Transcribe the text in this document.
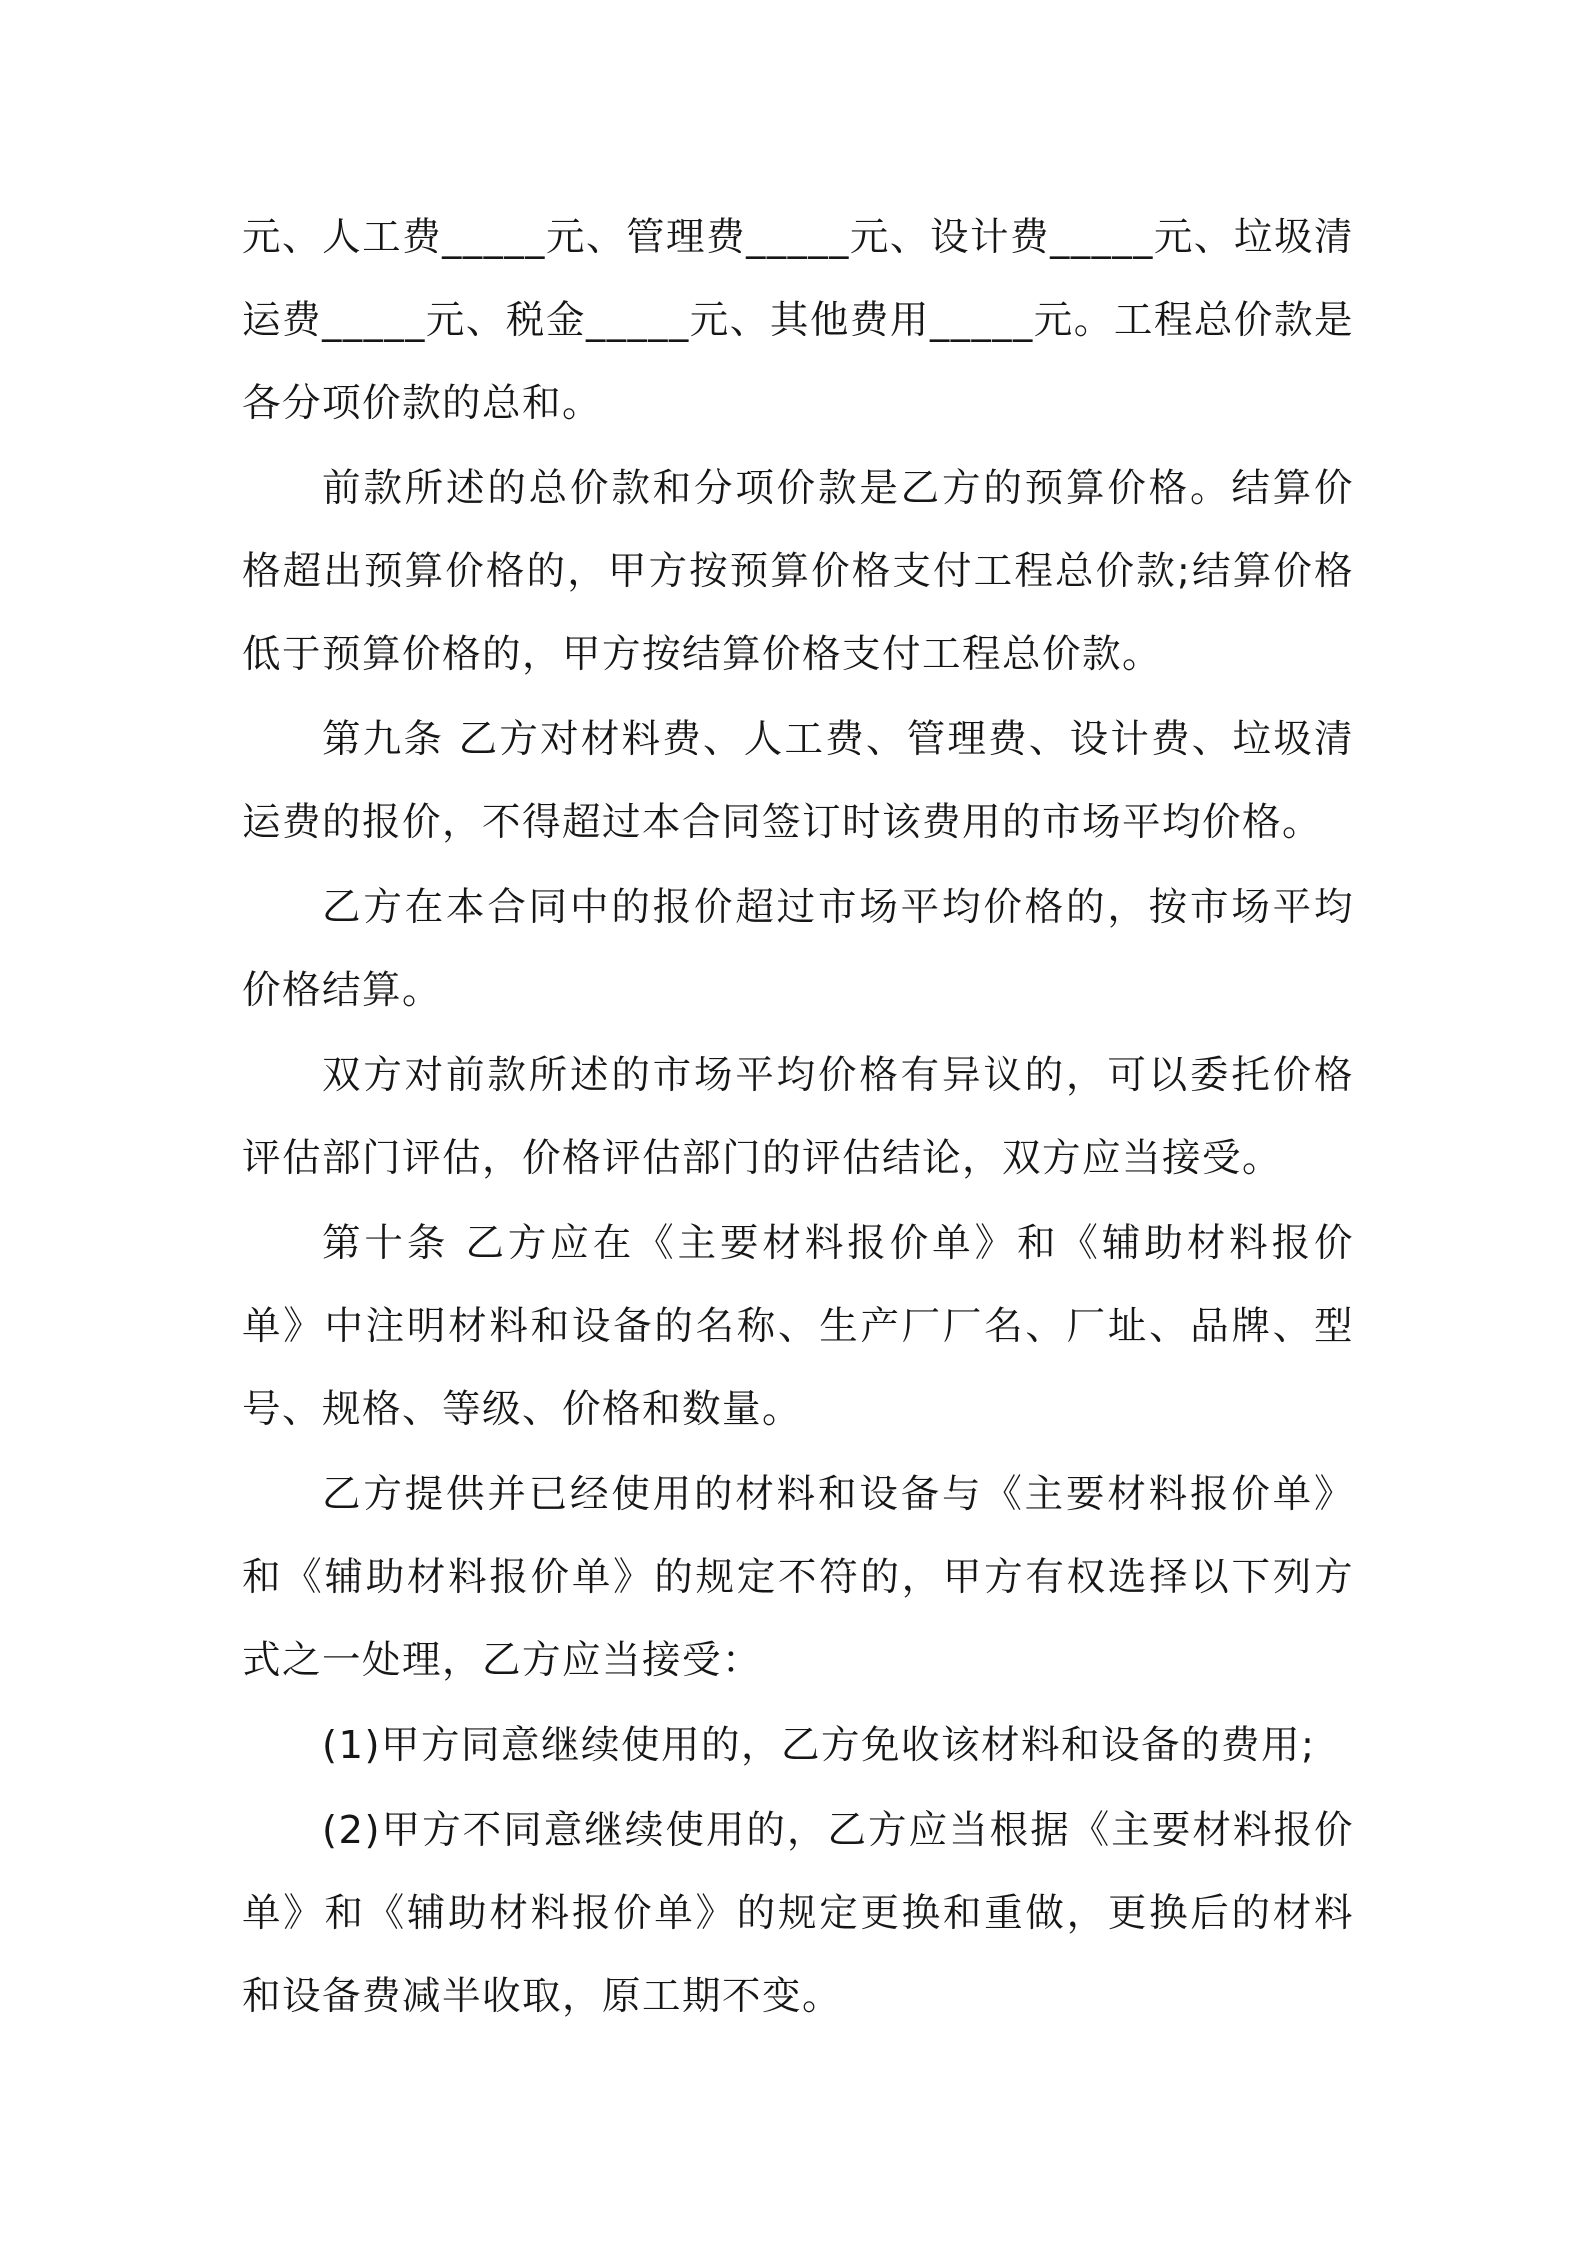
元、人工费_____元、管理费_____元、设计费_____元、垃圾清运费_____元、税金_____元、其他费用_____元。工程总价款是各分项价款的总和。

前款所述的总价款和分项价款是乙方的预算价格。结算价格超出预算价格的，甲方按预算价格支付工程总价款;结算价格低于预算价格的，甲方按结算价格支付工程总价款。

第九条 乙方对材料费、人工费、管理费、设计费、垃圾清运费的报价，不得超过本合同签订时该费用的市场平均价格。

乙方在本合同中的报价超过市场平均价格的，按市场平均价格结算。

双方对前款所述的市场平均价格有异议的，可以委托价格评估部门评估，价格评估部门的评估结论，双方应当接受。

第十条 乙方应在《主要材料报价单》和《辅助材料报价单》中注明材料和设备的名称、生产厂厂名、厂址、品牌、型号、规格、等级、价格和数量。

乙方提供并已经使用的材料和设备与《主要材料报价单》和《辅助材料报价单》的规定不符的，甲方有权选择以下列方式之一处理，乙方应当接受：

(1)甲方同意继续使用的，乙方免收该材料和设备的费用;

(2)甲方不同意继续使用的，乙方应当根据《主要材料报价单》和《辅助材料报价单》的规定更换和重做，更换后的材料和设备费减半收取，原工期不变。
